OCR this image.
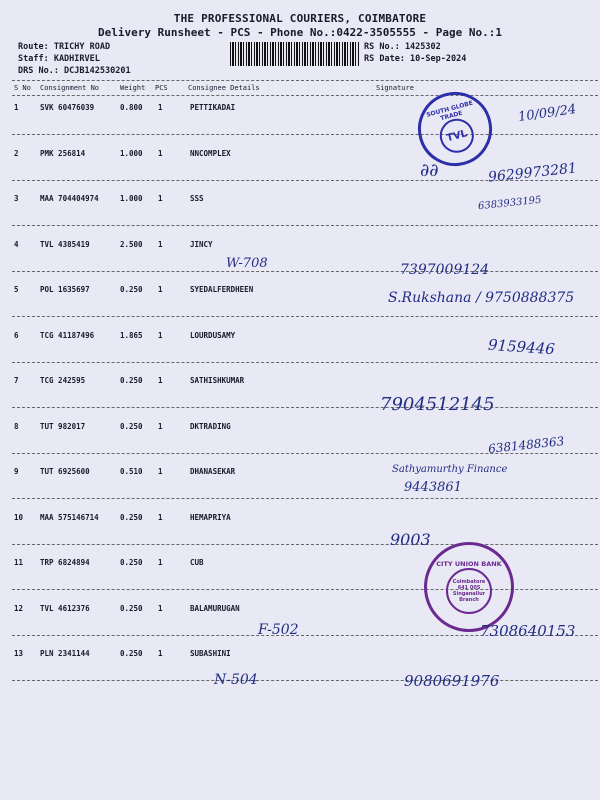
THE PROFESSIONAL COURIERS, COIMBATORE
Delivery Runsheet - PCS - Phone No.:0422-3505555 - Page No.:1
Route: TRICHY ROAD
Staff: KADHIRVEL
DRS No.: DCJB142530201
RS No.: 1425302
RS Date: 10-Sep-2024
S No Consignment No	Weight PCS	Consignee Details	Signature
1	SVK 60476039	0.800 1	PETTIKADAI
2	PMK 256814	1.000 1	NNCOMPLEX
3	MAA 704404974	1.000 1	SSS
4	TVL 4385419	2.500 1	JINCY
5	POL 1635697	0.250 1	SYEDALFERDHEEN
6	TCG 41187496	1.865 1	LOURDUSAMY
7	TCG 242595	0.250 1	SATHISHKUMAR
8	TUT 982017	0.250 1	DKTRADING
9	TUT 6925600	0.510 1	DHANASEKAR
10 MAA 575146714	0.250 1	HEMAPRIYA
11 TRP 6824894	0.250 1	CUB
12 TVL 4612376	0.250 1	BALAMURUGAN
13 PLN 2341144	0.250 1	SUBASHINI
SOUTH GLOBE TRADE
TVL
CITY UNION BANK
Coimbatore 641 005 Singanallur Branch
10/09/24
∂∂	9629973281
6383933195
W-708	7397009124
S.Rukshana / 9750888375
9159446
7904512145
6381488363
Sathyamurthy Finance
9443861
9003
F-502	7308640153
N-504	9080691976
